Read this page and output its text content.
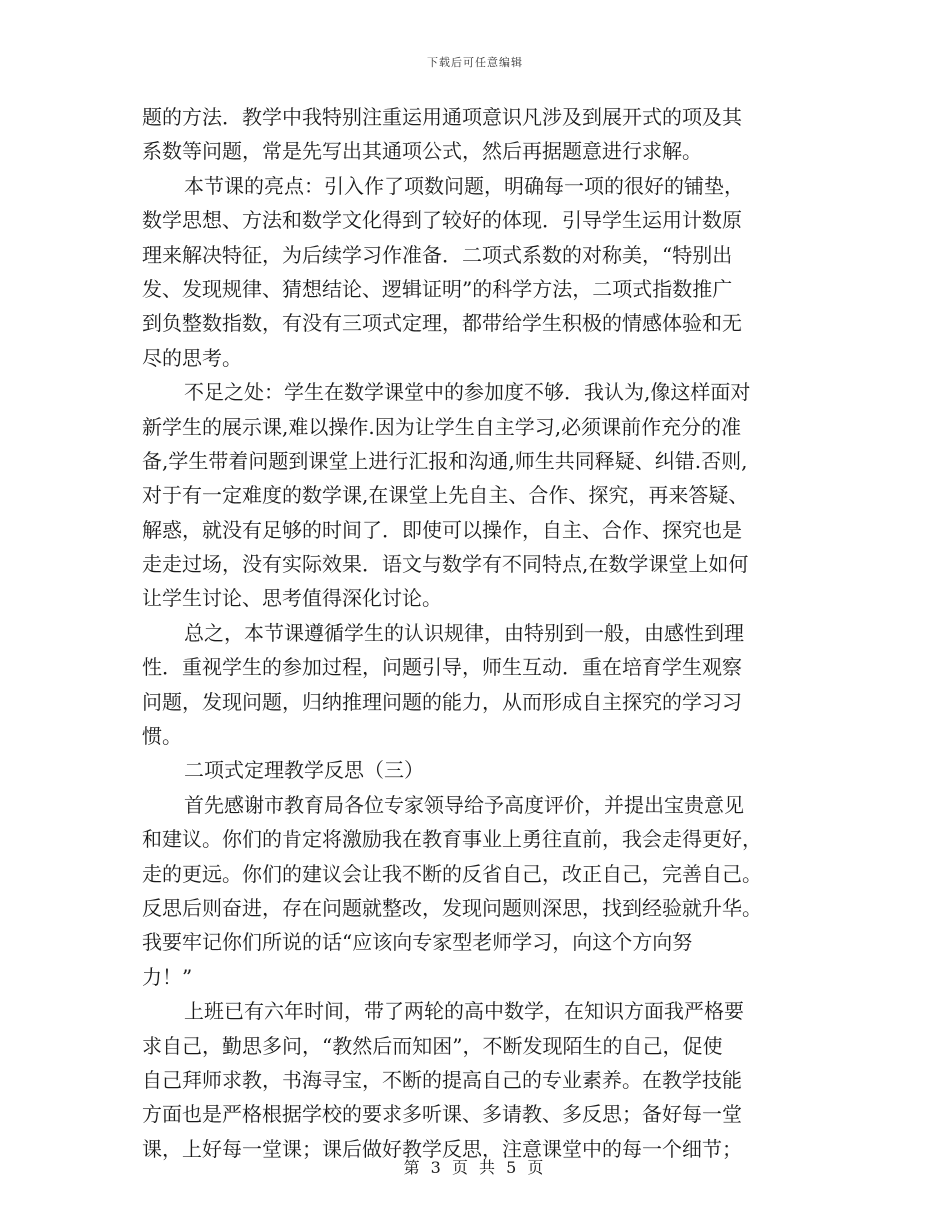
下载后可任意编辑
题的方法．教学中我特别注重运用通项意识凡涉及到展开式的项及其
系数等问题，常是先写出其通项公式，然后再据题意进行求解。
本节课的亮点：引入作了项数问题，明确每一项的很好的铺垫，
数学思想、方法和数学文化得到了较好的体现．引导学生运用计数原
理来解决特征，为后续学习作准备．二项式系数的对称美，“特别出
发、发现规律、猜想结论、逻辑证明”的科学方法，二项式指数推广
到负整数指数，有没有三项式定理，都带给学生积极的情感体验和无
尽的思考。
不足之处：学生在数学课堂中的参加度不够．我认为,像这样面对
新学生的展示课,难以操作.因为让学生自主学习,必须课前作充分的准
备,学生带着问题到课堂上进行汇报和沟通,师生共同释疑、纠错.否则,
对于有一定难度的数学课,在课堂上先自主、合作、探究，再来答疑、
解惑，就没有足够的时间了．即使可以操作，自主、合作、探究也是
走走过场，没有实际效果．语文与数学有不同特点,在数学课堂上如何
让学生讨论、思考值得深化讨论。
总之，本节课遵循学生的认识规律，由特别到一般，由感性到理
性．重视学生的参加过程，问题引导，师生互动．重在培育学生观察
问题，发现问题，归纳推理问题的能力，从而形成自主探究的学习习
惯。
二项式定理教学反思（三）
首先感谢市教育局各位专家领导给予高度评价，并提出宝贵意见
和建议。你们的肯定将激励我在教育事业上勇往直前，我会走得更好，
走的更远。你们的建议会让我不断的反省自己，改正自己，完善自己。
反思后则奋进，存在问题就整改，发现问题则深思，找到经验就升华。
我要牢记你们所说的话“应该向专家型老师学习，向这个方向努
力！”
上班已有六年时间，带了两轮的高中数学，在知识方面我严格要
求自己，勤思多问，“教然后而知困”，不断发现陌生的自己，促使
自己拜师求教，书海寻宝，不断的提高自己的专业素养。在教学技能
方面也是严格根据学校的要求多听课、多请教、多反思；备好每一堂
课，上好每一堂课；课后做好教学反思，注意课堂中的每一个细节；
第 3 页 共 5 页
